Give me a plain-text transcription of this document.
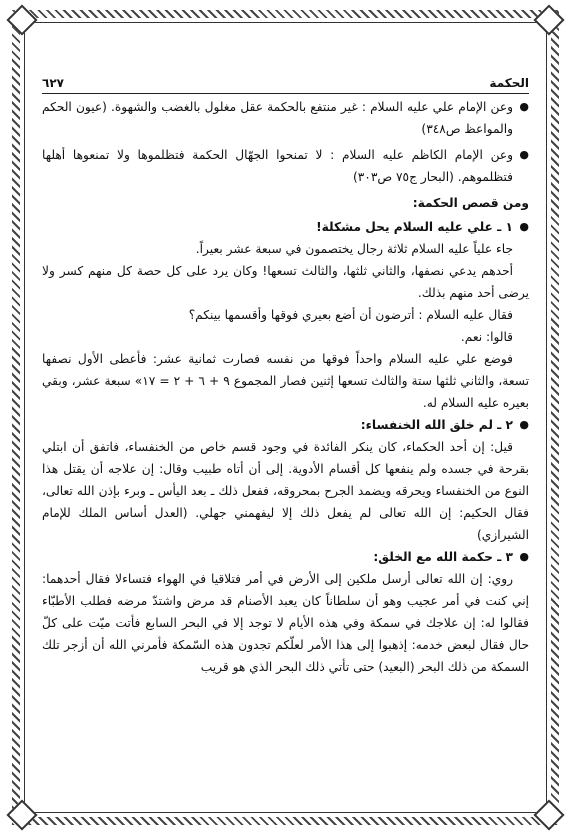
٦٢٧	الحكمة

● وعن الإمام علي عليه السلام : غير منتفع بالحكمة عقل مغلول بالغضب والشهوة. (عيون الحكم والمواعظ ص٣٤٨)

● وعن الإمام الكاظم عليه السلام : لا تمنحوا الجهّال الحكمة فتظلموها ولا تمنعوها أهلها فتظلموهم. (البحار ج٧٥ ص٣٠٣)

ومن قصص الحكمة:

● ١ ـ علي عليه السلام يحل مشكلة!

جاء علياً عليه السلام ثلاثة رجال يختصمون في سبعة عشر بعيراً.

أحدهم يدعي نصفها، والثاني ثلثها، والثالث تسعها! وكان يرد على كل حصة كل منهم كسر ولا يرضى أحد منهم بذلك.

فقال عليه السلام : أترضون أن أضع بعيري فوقها وأقسمها بينكم؟

قالوا: نعم.

فوضع علي عليه السلام واحداً فوقها من نفسه فصارت ثمانية عشر: فأعطى الأول نصفها تسعة، والثاني ثلثها ستة والثالث تسعها إثنين فصار المجموع ٩ + ٦ + ٢ = ١٧» سبعة عشر، وبقي بعيره عليه السلام له.

● ٢ ـ لم خلق الله الخنفساء:

قيل: إن أحد الحكماء، كان ينكر الفائدة في وجود قسم خاص من الخنفساء، فاتفق أن ابتلي بقرحة في جسده ولم ينفعها كل أقسام الأدوية. إلى أن أتاه طبيب وقال: إن علاجه أن يقتل هذا النوع من الخنفساء ويحرقه ويضمد الجرح بمحروقه، ففعل ذلك ـ بعد اليأس ـ وبرء بإذن الله تعالى، فقال الحكيم: إن الله تعالى لم يفعل ذلك إلا ليفهمني جهلي. (العدل أساس الملك للإمام الشيرازي)

● ٣ ـ حكمة الله مع الخلق:

روي: إن الله تعالى أرسل ملكين إلى الأرض في أمر فتلاقيا في الهواء فتساءلا فقال أحدهما: إني كنت في أمر عجيب وهو أن سلطاناً كان يعبد الأصنام قد مرض واشتدّ مرضه فطلب الأطبّاء فقالوا له: إن علاجك في سمكة وفي هذه الأيام لا توجد إلا في البحر السابع فأتت ميّت على كلّ حال فقال لبعض خدمه: إذهبوا إلى هذا الأمر لعلّكم تجدون هذه السّمكة فأمرني الله أن أزجر تلك السمكة من ذلك البحر (البعيد) حتى تأتي ذلك البحر الذي هو قريب
